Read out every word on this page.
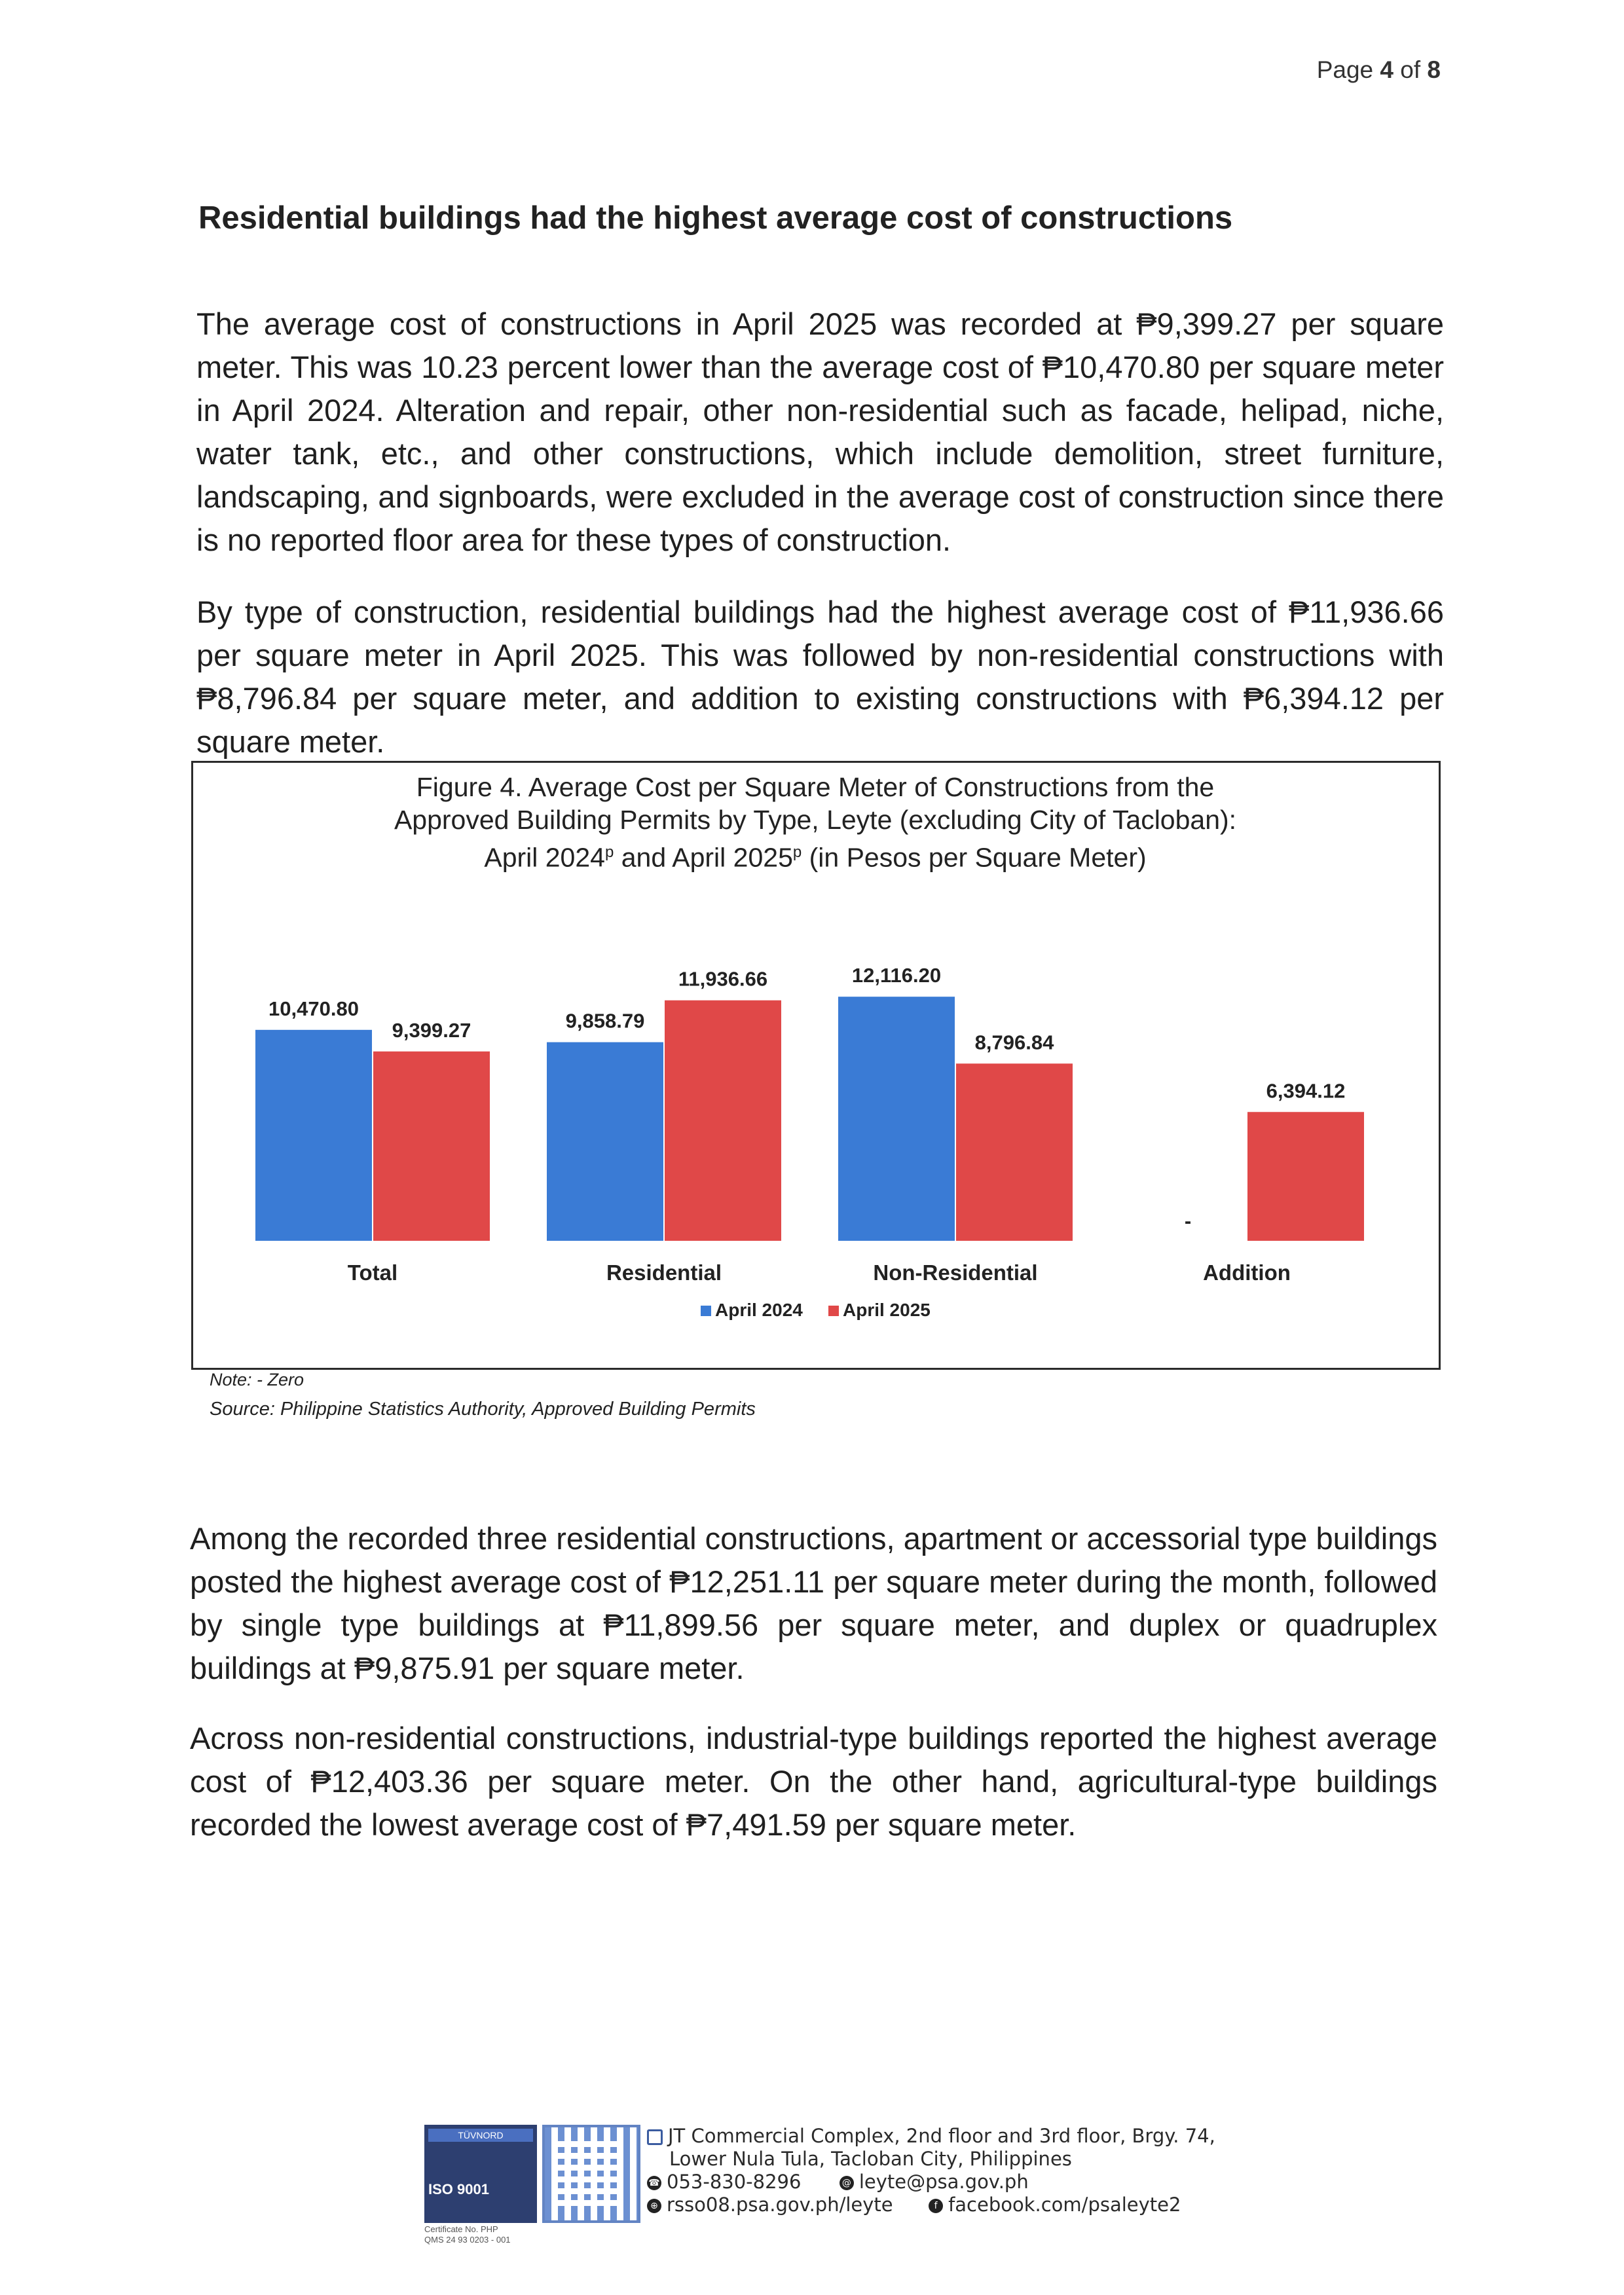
Page 4 of 8
Residential buildings had the highest average cost of constructions

The average cost of constructions in April 2025 was recorded at ₱9,399.27 per square meter. This was 10.23 percent lower than the average cost of ₱10,470.80 per square meter in April 2024. Alteration and repair, other non-residential such as facade, helipad, niche, water tank, etc., and other constructions, which include demolition, street furniture, landscaping, and signboards, were excluded in the average cost of construction since there is no reported floor area for these types of construction.

By type of construction, residential buildings had the highest average cost of ₱11,936.66 per square meter in April 2025. This was followed by non-residential constructions with ₱8,796.84 per square meter, and addition to existing constructions with ₱6,394.12 per square meter.

Figure 4. Average Cost per Square Meter of Constructions from the
Approved Building Permits by Type, Leyte (excluding City of Tacloban):
April 2024$^p$ and April 2025$^p$ (in Pesos per Square Meter)
10,470.80
9,399.27
Total
9,858.79
11,936.66
Residential
12,116.20
8,796.84
Non-Residential
-
6,394.12
Addition
April 2024 April 2025
Note: - Zero
Source: Philippine Statistics Authority, Approved Building Permits

Among the recorded three residential constructions, apartment or accessorial type buildings posted the highest average cost of ₱12,251.11 per square meter during the month, followed by single type buildings at ₱11,899.56 per square meter, and duplex or quadruplex buildings at ₱9,875.91 per square meter.

Across non-residential constructions, industrial-type buildings reported the highest average cost of ₱12,403.36 per square meter. On the other hand, agricultural-type buildings recorded the lowest average cost of ₱7,491.59 per square meter.

TÜVNORD
ISO 9001
Certificate No. PHP
QMS 24 93 0203 - 001
JT Commercial Complex, 2nd floor and 3rd floor, Brgy. 74,
Lower Nula Tula, Tacloban City, Philippines
☎ 053-830-8296	@ leyte@psa.gov.ph
⊕ rsso08.psa.gov.ph/leyte	f facebook.com/psaleyte2
